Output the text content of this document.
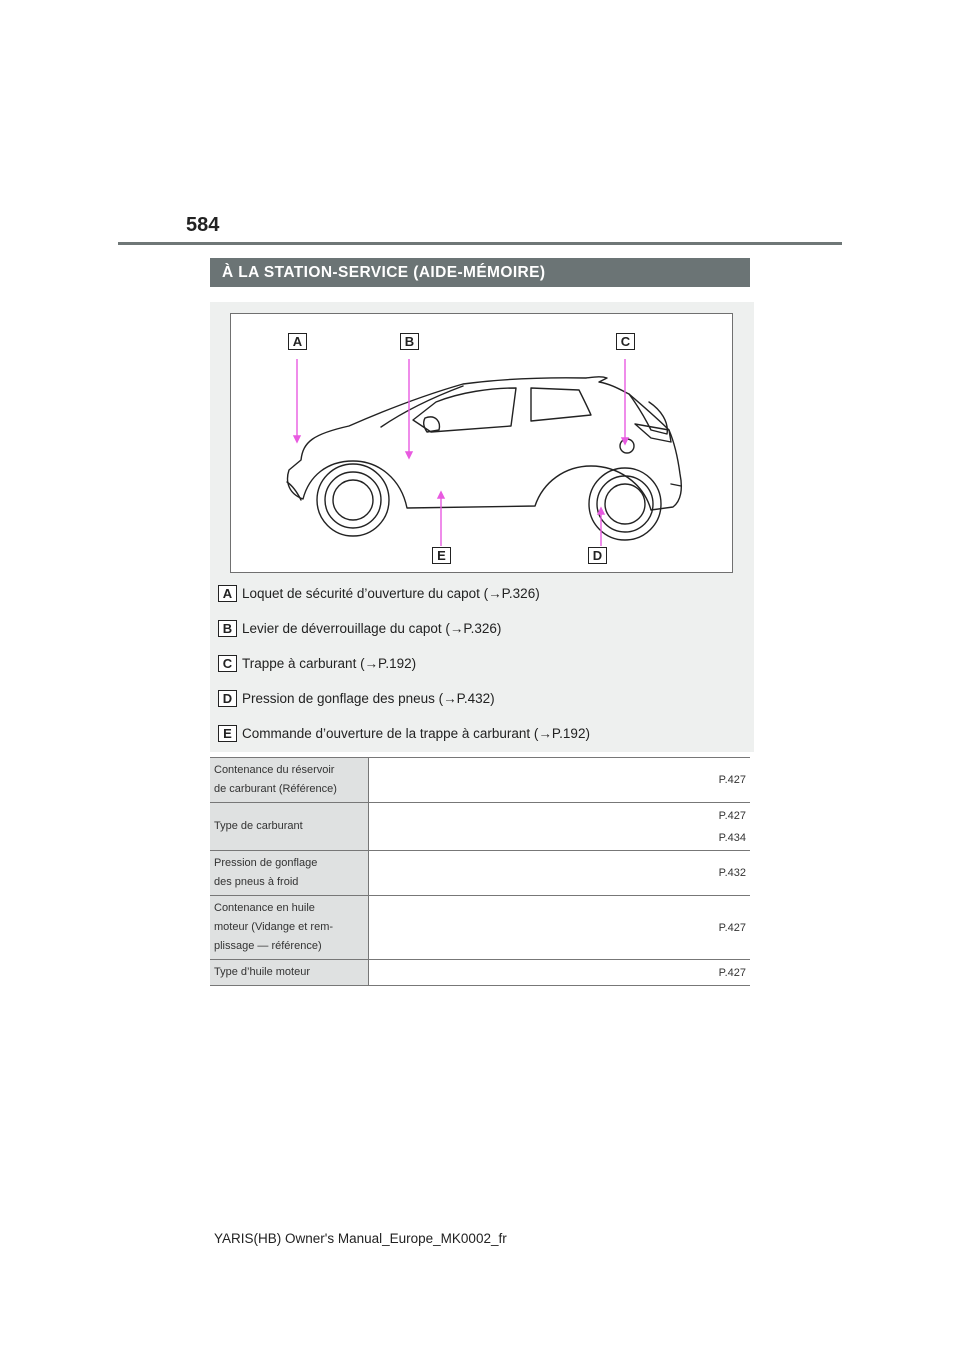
584
À LA STATION-SERVICE (AIDE-MÉMOIRE)
A	B	C
D
E
A Loquet de sécurité d’ouverture du capot (→P.326)
B Levier de déverrouillage du capot (→P.326)
C Trappe à carburant (→P.192)
D Pression de gonflage des pneus (→P.432)
E Commande d’ouverture de la trappe à carburant (→P.192)
Contenance du réservoir
de carburant (Référence)	P.427

Type de carburant	P.427
P.434

Pression de gonflage
des pneus à froid	P.432

Contenance en huile
moteur (Vidange et rem-
plissage — référence)	P.427

Type d’huile moteur	P.427
YARIS(HB) Owner's Manual_Europe_MK0002_fr
